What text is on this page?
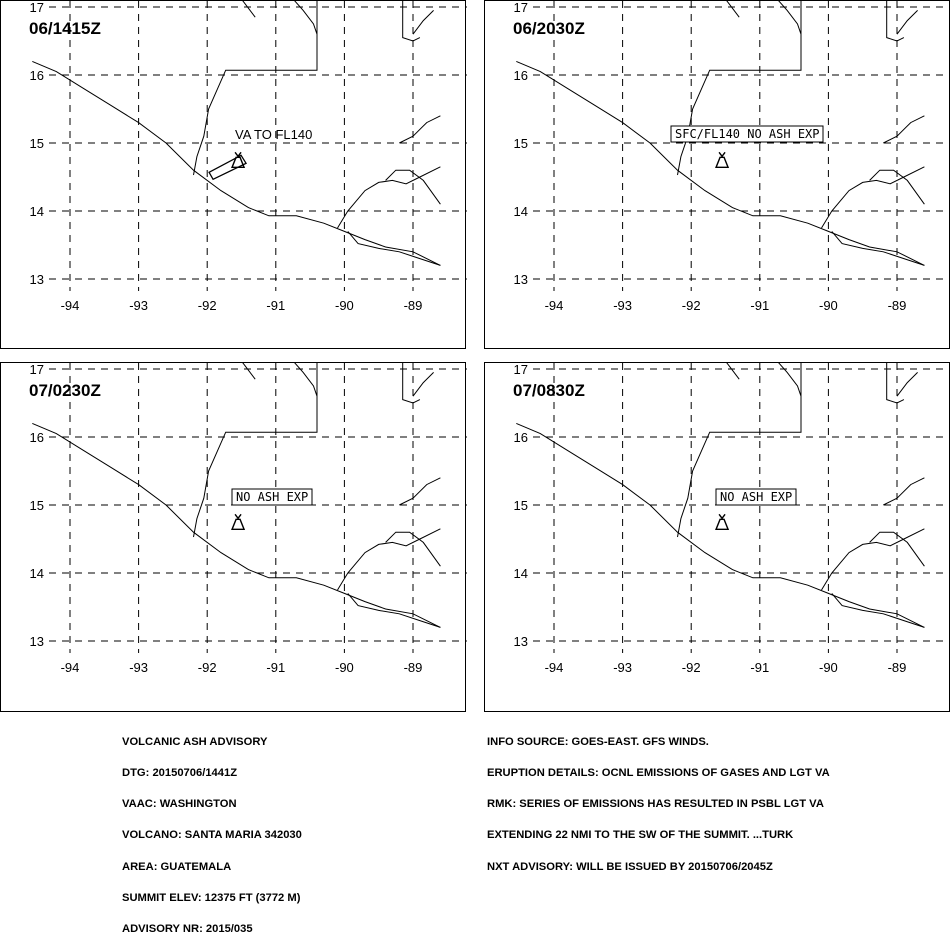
-94	-93	-92	-91	-90	-89
13
14
15
16
17
VA TO FL140
06/1415Z
-94	-93	-92	-91	-90	-89
13
14
15
16
17
SFC/FL140 NO ASH EXP
06/2030Z
-94	-93	-92	-91	-90	-89
13
14
15
16
17
NO ASH EXP
07/0230Z
-94	-93	-92	-91	-90	-89
13
14
15
16
17
NO ASH EXP
07/0830Z

VOLCANIC ASH ADVISORY

DTG: 20150706/1441Z

VAAC: WASHINGTON

VOLCANO: SANTA MARIA 342030

AREA: GUATEMALA

SUMMIT ELEV: 12375 FT (3772 M)

ADVISORY NR: 2015/035

INFO SOURCE: GOES-EAST. GFS WINDS.

ERUPTION DETAILS: OCNL EMISSIONS OF GASES AND LGT VA

RMK: SERIES OF EMISSIONS HAS RESULTED IN PSBL LGT VA

EXTENDING 22 NMI TO THE SW OF THE SUMMIT. ...TURK

NXT ADVISORY: WILL BE ISSUED BY 20150706/2045Z
